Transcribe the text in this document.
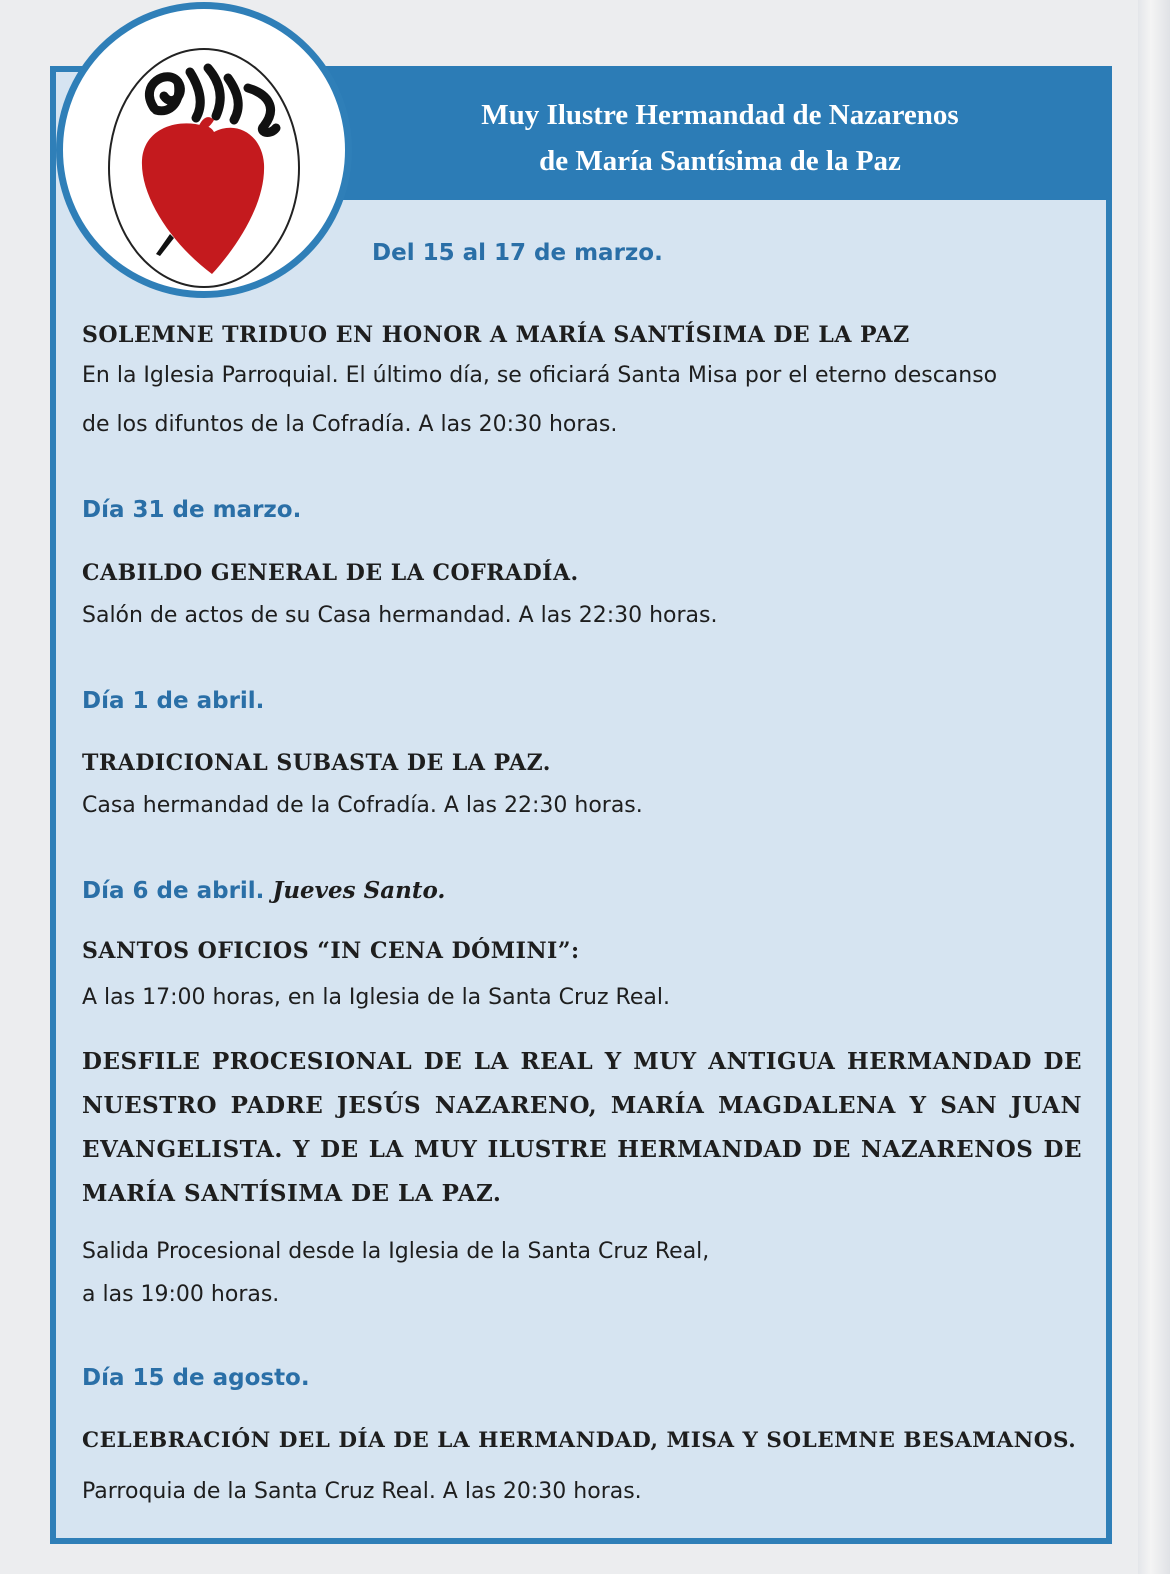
Muy Ilustre Hermandad de Nazarenos
de María Santísima de la Paz
Del 15 al 17 de marzo.
SOLEMNE TRIDUO EN HONOR A MARÍA SANTÍSIMA DE LA PAZ
En la Iglesia Parroquial. El último día, se oficiará Santa Misa por el eterno descanso
de los difuntos de la Cofradía. A las 20:30 horas.
Día 31 de marzo.
CABILDO GENERAL DE LA COFRADÍA.
Salón de actos de su Casa hermandad. A las 22:30 horas.
Día 1 de abril.
TRADICIONAL SUBASTA DE LA PAZ.
Casa hermandad de la Cofradía. A las 22:30 horas.
Día 6 de abril. Jueves Santo.
SANTOS OFICIOS “IN CENA DÓMINI”:
A las 17:00 horas, en la Iglesia de la Santa Cruz Real.
DESFILE PROCESIONAL DE LA REAL Y MUY ANTIGUA HERMANDAD DE NUESTRO PADRE JESÚS NAZARENO, MARÍA MAGDALENA Y SAN JUAN EVANGELISTA. Y DE LA MUY ILUSTRE HERMANDAD DE NAZARENOS DE MARÍA SANTÍSIMA DE LA PAZ.
Salida Procesional desde la Iglesia de la Santa Cruz Real,
a las 19:00 horas.
Día 15 de agosto.
CELEBRACIÓN DEL DÍA DE LA HERMANDAD, MISA Y SOLEMNE BESAMANOS.
Parroquia de la Santa Cruz Real. A las 20:30 horas.
